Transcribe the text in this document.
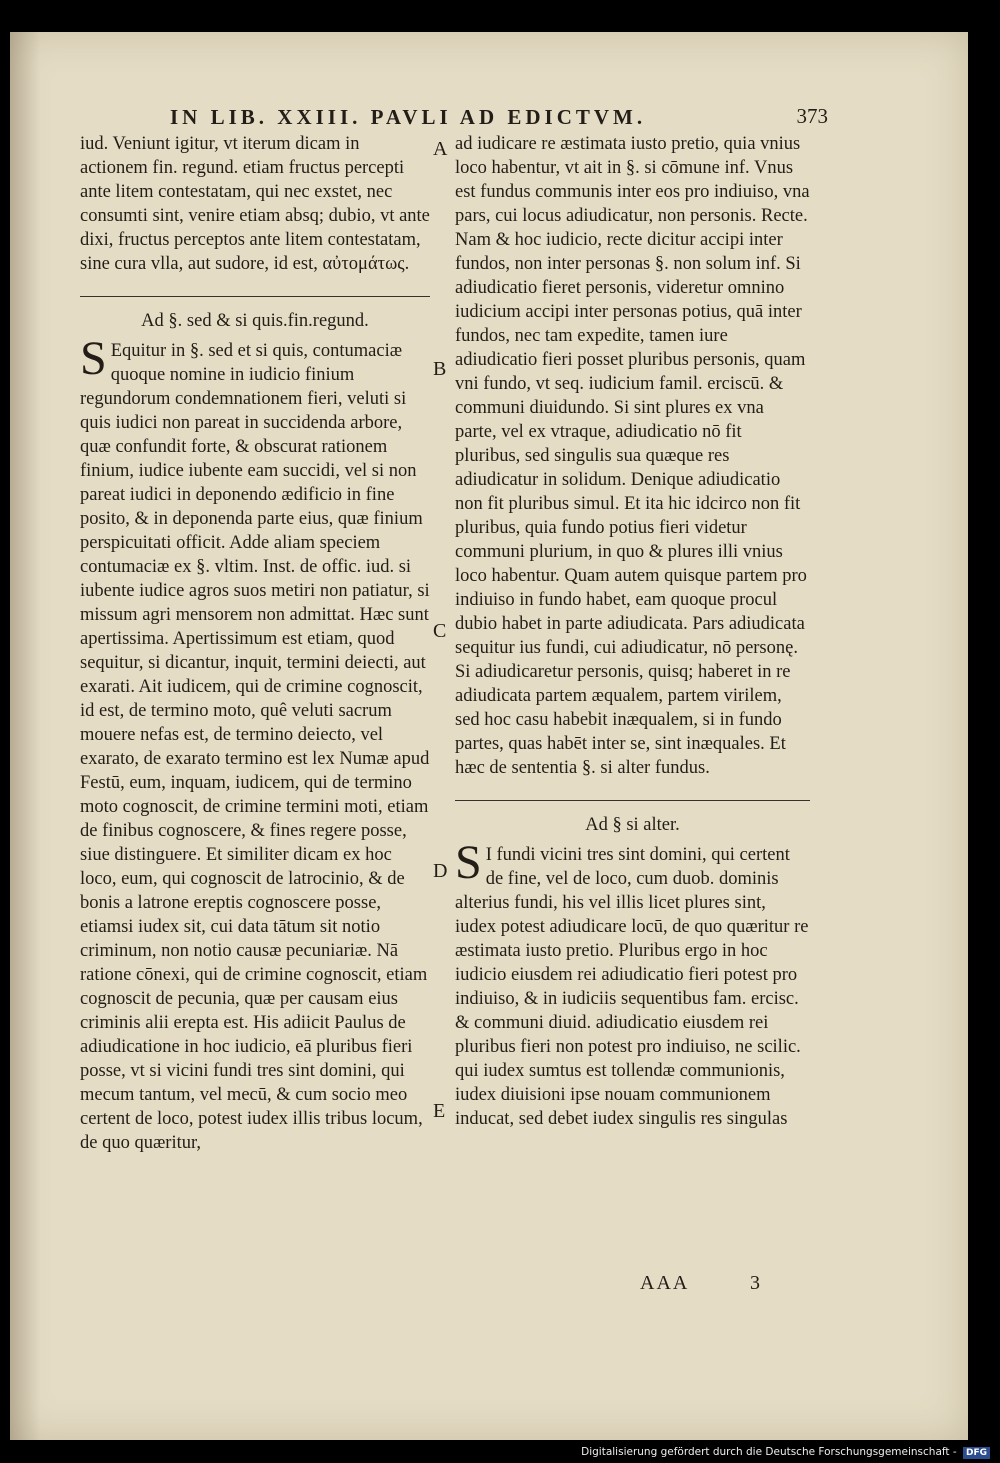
IN LIB. XXIII. PAVLI AD EDICTVM.	373

iud. Veniunt igitur, vt iterum dicam in actionem fin. regund. etiam fructus percepti ante litem contestatam, qui nec exstet, nec consumti sint, venire etiam absq; dubio, vt ante dixi, fructus perceptos ante litem contestatam, sine cura vlla, aut sudore, id est, αὐτομάτως.

Ad §. sed & si quis.fin.regund.

S Equitur in §. sed et si quis, contumaciæ quoque nomine in iudicio finium regundorum condemnationem fieri, veluti si quis iudici non pareat in succidenda arbore, quæ confundit forte, & obscurat rationem finium, iudice iubente eam succidi, vel si non pareat iudici in deponendo ædificio in fine posito, & in deponenda parte eius, quæ finium perspicuitati officit. Adde aliam speciem contumaciæ ex §. vltim. Inst. de offic. iud. si iubente iudice agros suos metiri non patiatur, si missum agri mensorem non admittat. Hæc sunt apertissima. Apertissimum est etiam, quod sequitur, si dicantur, inquit, termini deiecti, aut exarati. Ait iudicem, qui de crimine cognoscit, id est, de termino moto, quê veluti sacrum mouere nefas est, de termino deiecto, vel exarato, de exarato termino est lex Numæ apud Festū, eum, inquam, iudicem, qui de termino moto cognoscit, de crimine termini moti, etiam de finibus cognoscere, & fines regere posse, siue distinguere. Et similiter dicam ex hoc loco, eum, qui cognoscit de latrocinio, & de bonis a latrone ereptis cognoscere posse, etiamsi iudex sit, cui data tātum sit notio criminum, non notio causæ pecuniariæ. Nā ratione cōnexi, qui de crimine cognoscit, etiam cognoscit de pecunia, quæ per causam eius criminis alii erepta est. His adiicit Paulus de adiudicatione in hoc iudicio, eā pluribus fieri posse, vt si vicini fundi tres sint domini, qui mecum tantum, vel mecū, & cum socio meo certent de loco, potest iudex illis tribus locum, de quo quæritur,

ad iudicare re æstimata iusto pretio, quia vnius loco habentur, vt ait in §. si cōmune inf. Vnus est fundus communis inter eos pro indiuiso, vna pars, cui locus adiudicatur, non personis. Recte. Nam & hoc iudicio, recte dicitur accipi inter fundos, non inter personas §. non solum inf. Si adiudicatio fieret personis, videretur omnino iudicium accipi inter personas potius, quā inter fundos, nec tam expedite, tamen iure adiudicatio fieri posset pluribus personis, quam vni fundo, vt seq. iudicium famil. erciscū. & communi diuidundo. Si sint plures ex vna parte, vel ex vtraque, adiudicatio nō fit pluribus, sed singulis sua quæque res adiudicatur in solidum. Denique adiudicatio non fit pluribus simul. Et ita hic idcirco non fit pluribus, quia fundo potius fieri videtur communi plurium, in quo & plures illi vnius loco habentur. Quam autem quisque partem pro indiuiso in fundo habet, eam quoque procul dubio habet in parte adiudicata. Pars adiudicata sequitur ius fundi, cui adiudicatur, nō personę. Si adiudicaretur personis, quisq; haberet in re adiudicata partem æqualem, partem virilem, sed hoc casu habebit inæqualem, si in fundo partes, quas habēt inter se, sint inæquales. Et hæc de sententia §. si alter fundus.

Ad § si alter.

S I fundi vicini tres sint domini, qui certent de fine, vel de loco, cum duob. dominis alterius fundi, his vel illis licet plures sint, iudex potest adiudicare locū, de quo quæritur re æstimata iusto pretio. Pluribus ergo in hoc iudicio eiusdem rei adiudicatio fieri potest pro indiuiso, & in iudiciis sequentibus fam. ercisc. & communi diuid. adiudicatio eiusdem rei pluribus fieri non potest pro indiuiso, ne scilic. qui iudex sumtus est tollendæ communionis, iudex diuisioni ipse nouam communionem inducat, sed debet iudex singulis res singulas

A
B
C
D
E
AAA	3
Digitalisierung gefördert durch die Deutsche Forschungsgemeinschaft - DFG
